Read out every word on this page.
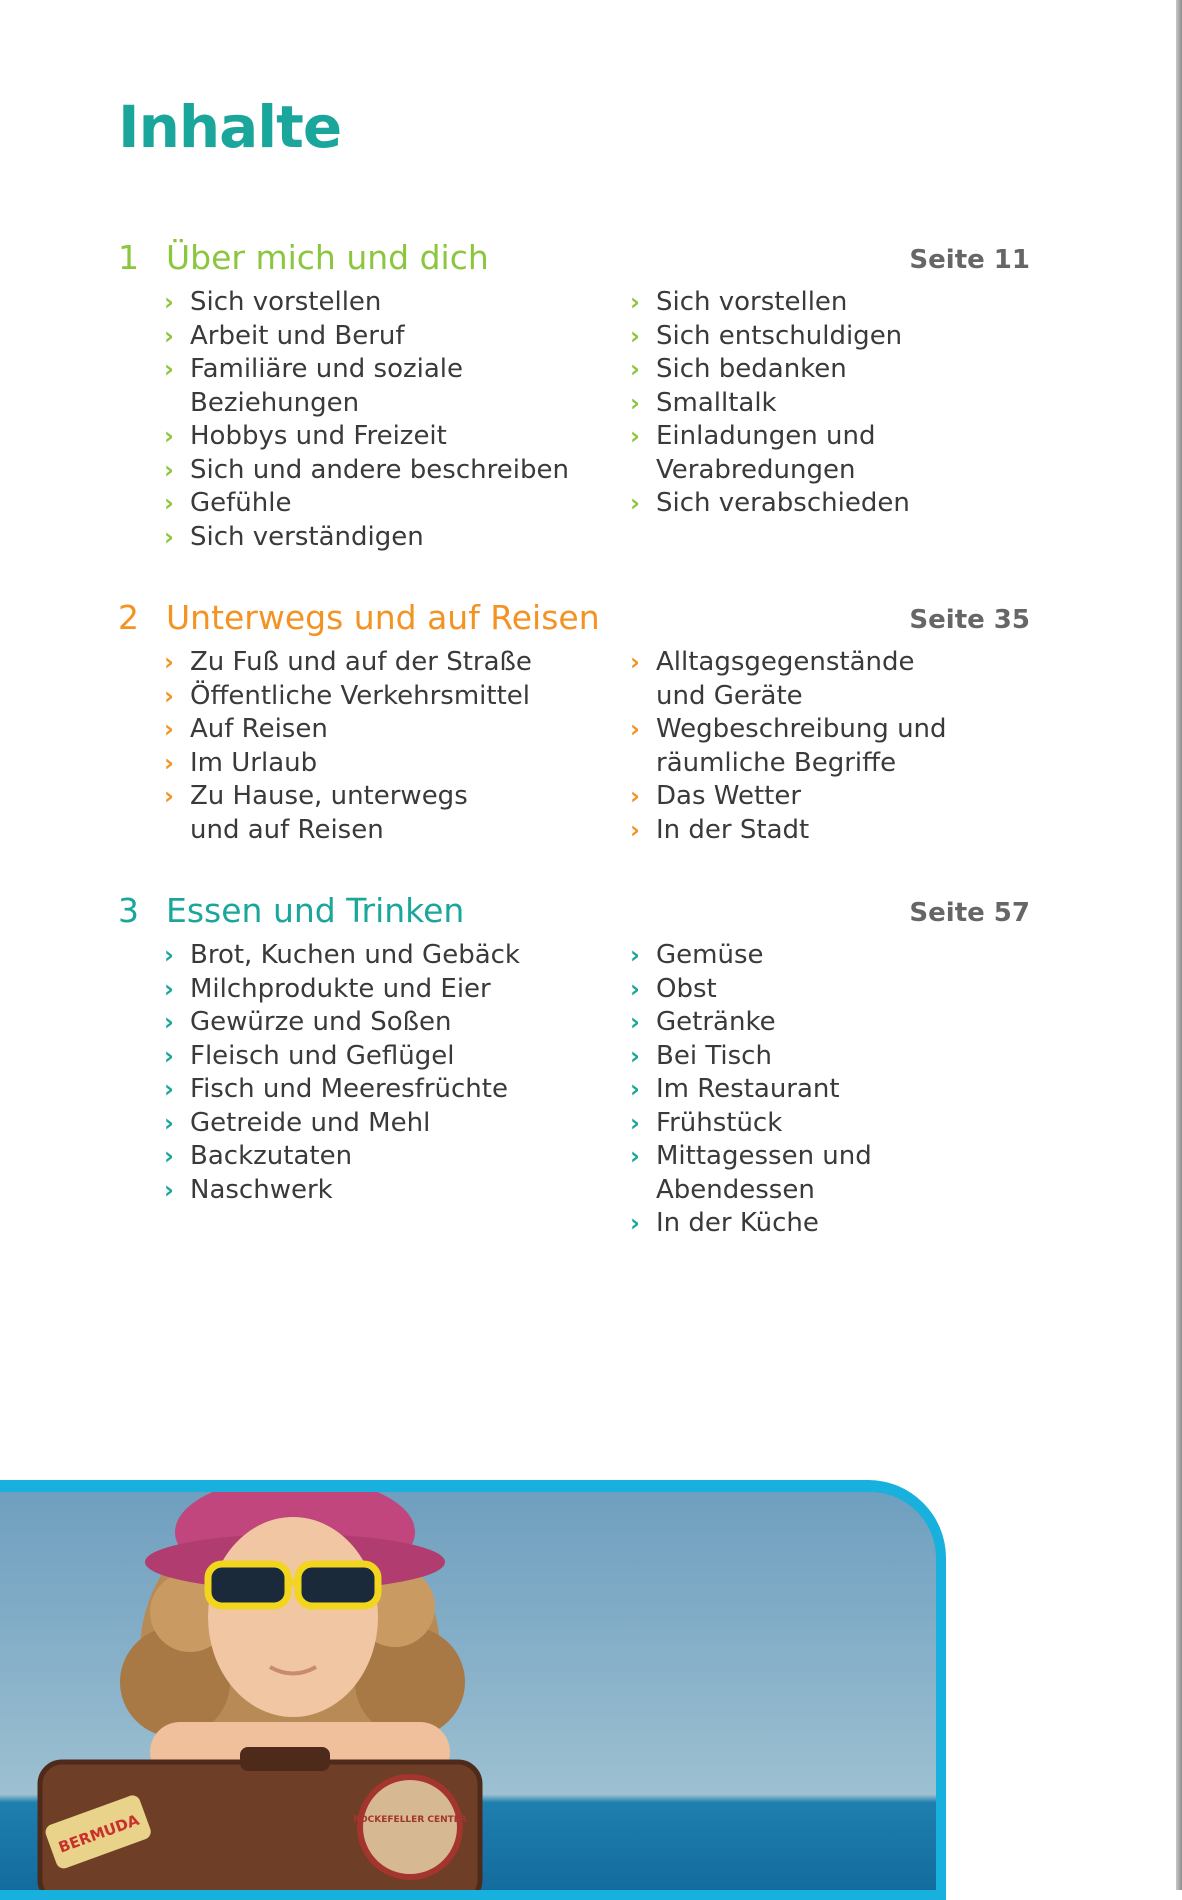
Inhalte
1 Über mich und dich	Seite 11
› Sich vorstellen
› Arbeit und Beruf
› Familiäre und soziale Beziehungen
› Hobbys und Freizeit
› Sich und andere beschreiben
› Gefühle
› Sich verständigen
› Sich vorstellen
› Sich entschuldigen
› Sich bedanken
› Smalltalk
› Einladungen und Verabredungen
› Sich verabschieden
2 Unterwegs und auf Reisen	Seite 35
› Zu Fuß und auf der Straße
› Öffentliche Verkehrsmittel
› Auf Reisen
› Im Urlaub
› Zu Hause, unterwegs und auf Reisen
› Alltagsgegenstände und Geräte
› Wegbeschreibung und räumliche Begriffe
› Das Wetter
› In der Stadt
3 Essen und Trinken	Seite 57
› Brot, Kuchen und Gebäck
› Milchprodukte und Eier
› Gewürze und Soßen
› Fleisch und Geflügel
› Fisch und Meeresfrüchte
› Getreide und Mehl
› Backzutaten
› Naschwerk
› Gemüse
› Obst
› Getränke
› Bei Tisch
› Im Restaurant
› Frühstück
› Mittagessen und Abendessen
› In der Küche
BERMUDA	ROCKEFELLER CENTER
